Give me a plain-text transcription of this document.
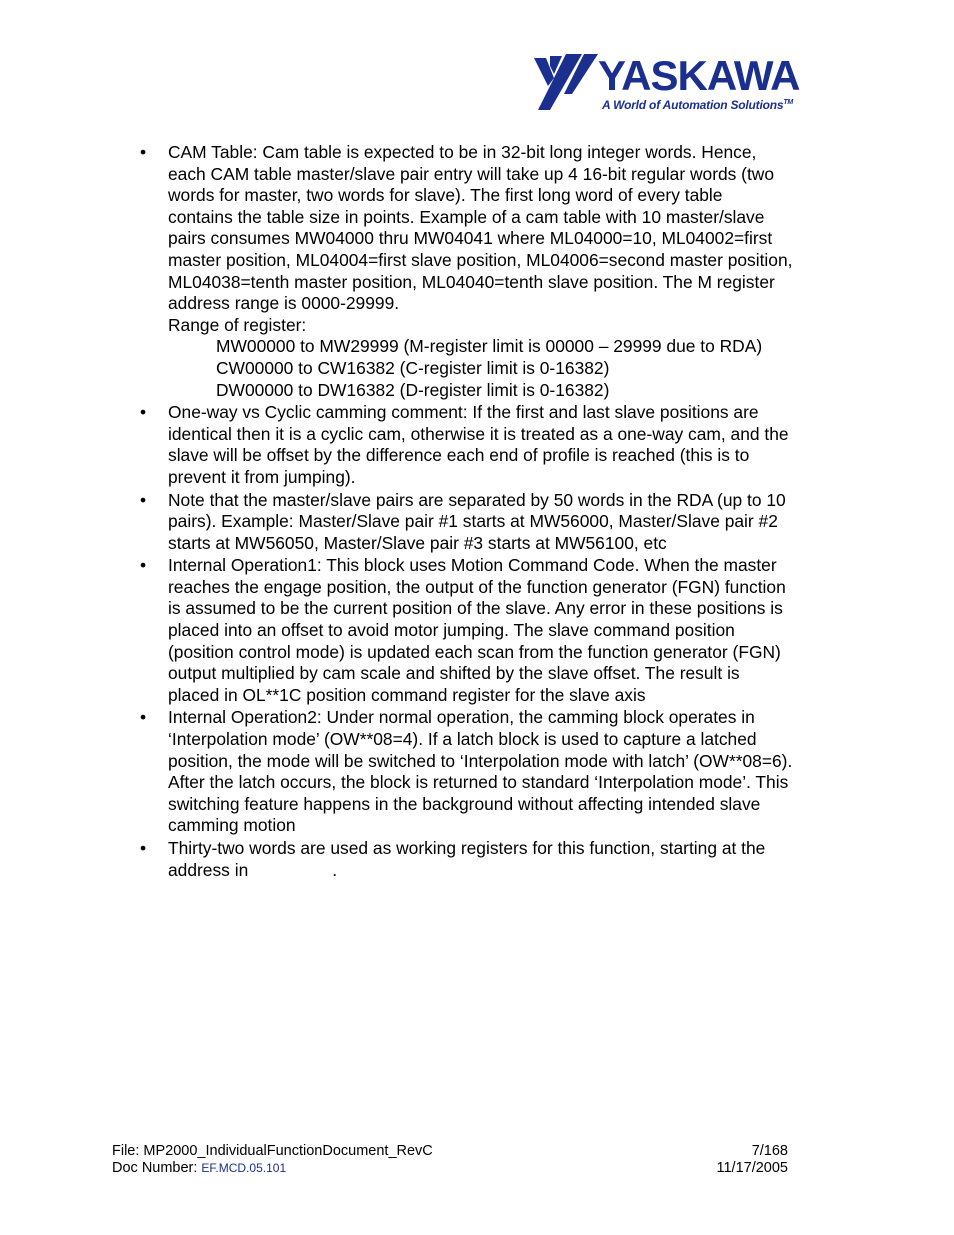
YASKAWA
A World of Automation Solutions™
• CAM Table: Cam table is expected to be in 32-bit long integer words. Hence,
each CAM table master/slave pair entry will take up 4 16-bit regular words (two
words for master, two words for slave). The first long word of every table
contains the table size in points. Example of a cam table with 10 master/slave
pairs consumes MW04000 thru MW04041 where ML04000=10, ML04002=first
master position, ML04004=first slave position, ML04006=second master position,
ML04038=tenth master position, ML04040=tenth slave position. The M register
address range is 0000-29999.
Range of register:
MW00000 to MW29999 (M-register limit is 00000 – 29999 due to RDA)
CW00000 to CW16382 (C-register limit is 0-16382)
DW00000 to DW16382 (D-register limit is 0-16382)
• One-way vs Cyclic camming comment: If the first and last slave positions are
identical then it is a cyclic cam, otherwise it is treated as a one-way cam, and the
slave will be offset by the difference each end of profile is reached (this is to
prevent it from jumping).
• Note that the master/slave pairs are separated by 50 words in the RDA (up to 10
pairs). Example: Master/Slave pair #1 starts at MW56000, Master/Slave pair #2
starts at MW56050, Master/Slave pair #3 starts at MW56100, etc
• Internal Operation1: This block uses Motion Command Code. When the master
reaches the engage position, the output of the function generator (FGN) function
is assumed to be the current position of the slave. Any error in these positions is
placed into an offset to avoid motor jumping. The slave command position
(position control mode) is updated each scan from the function generator (FGN)
output multiplied by cam scale and shifted by the slave offset. The result is
placed in OL**1C position command register for the slave axis
• Internal Operation2: Under normal operation, the camming block operates in
‘Interpolation mode’ (OW**08=4). If a latch block is used to capture a latched
position, the mode will be switched to ‘Interpolation mode with latch’ (OW**08=6).
After the latch occurs, the block is returned to standard ‘Interpolation mode’. This
switching feature happens in the background without affecting intended slave
camming motion
• Thirty-two words are used as working registers for this function, starting at the
address in	.
File: MP2000_IndividualFunctionDocument_RevC	7/168
Doc Number: EF.MCD.05.101	11/17/2005
